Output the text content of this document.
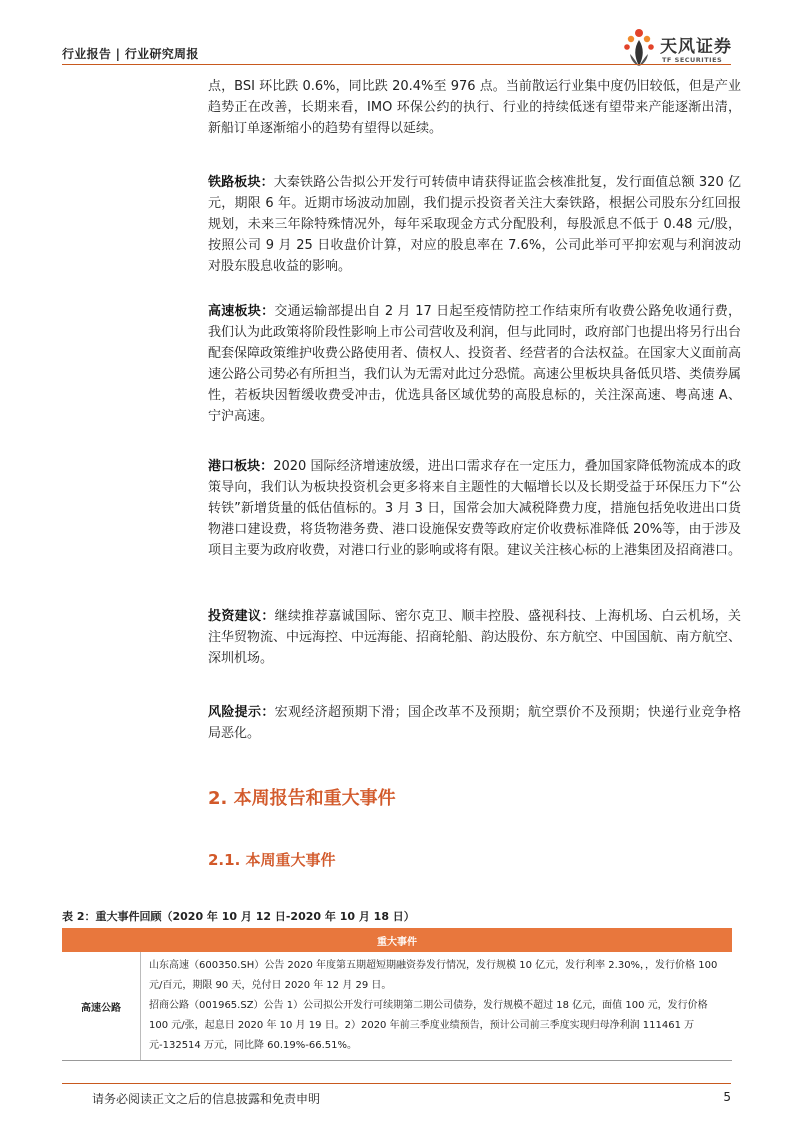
行业报告 | 行业研究周报	天风证券
TF SECURITIES

点，BSI 环比跌 0.6%，同比跌 20.4%至 976 点。当前散运行业集中度仍旧较低，但是产业趋势正在改善，长期来看，IMO 环保公约的执行、行业的持续低迷有望带来产能逐渐出清，新船订单逐渐缩小的趋势有望得以延续。

铁路板块：大秦铁路公告拟公开发行可转债申请获得证监会核准批复，发行面值总额 320 亿元，期限 6 年。近期市场波动加剧，我们提示投资者关注大秦铁路，根据公司股东分红回报规划，未来三年除特殊情况外，每年采取现金方式分配股利，每股派息不低于 0.48 元/股，按照公司 9 月 25 日收盘价计算，对应的股息率在 7.6%，公司此举可平抑宏观与利润波动对股东股息收益的影响。

高速板块：交通运输部提出自 2 月 17 日起至疫情防控工作结束所有收费公路免收通行费，我们认为此政策将阶段性影响上市公司营收及利润，但与此同时，政府部门也提出将另行出台配套保障政策维护收费公路使用者、债权人、投资者、经营者的合法权益。在国家大义面前高速公路公司势必有所担当，我们认为无需对此过分恐慌。高速公里板块具备低贝塔、类债券属性，若板块因暂缓收费受冲击，优选具备区域优势的高股息标的，关注深高速、粤高速 A、宁沪高速。

港口板块：2020 国际经济增速放缓，进出口需求存在一定压力，叠加国家降低物流成本的政策导向，我们认为板块投资机会更多将来自主题性的大幅增长以及长期受益于环保压力下“公转铁”新增货量的低估值标的。3 月 3 日，国常会加大减税降费力度，措施包括免收进出口货物港口建设费，将货物港务费、港口设施保安费等政府定价收费标准降低 20%等，由于涉及项目主要为政府收费，对港口行业的影响或将有限。建议关注核心标的上港集团及招商港口。

投资建议：继续推荐嘉诚国际、密尔克卫、顺丰控股、盛视科技、上海机场、白云机场，关注华贸物流、中远海控、中远海能、招商轮船、韵达股份、东方航空、中国国航、南方航空、深圳机场。

风险提示：宏观经济超预期下滑；国企改革不及预期；航空票价不及预期；快递行业竞争格局恶化。

2. 本周报告和重大事件
2.1. 本周重大事件
表 2：重大事件回顾（2020 年 10 月 12 日-2020 年 10 月 18 日）
重大事件
高速公路	
山东高速（600350.SH）公告 2020 年度第五期超短期融资券发行情况，发行规模 10 亿元，发行利率 2.30%，，发行价格 100 元/百元，期限 90 天，兑付日 2020 年 12 月 29 日。
招商公路（001965.SZ）公告 1）公司拟公开发行可续期第二期公司债券，发行规模不超过 18 亿元，面值 100 元，发行价格 100 元/张，起息日 2020 年 10 月 19 日。2）2020 年前三季度业绩预告，预计公司前三季度实现归母净利润 111461 万元-132514 万元，同比降 60.19%-66.51%。
请务必阅读正文之后的信息披露和免责申明	5
